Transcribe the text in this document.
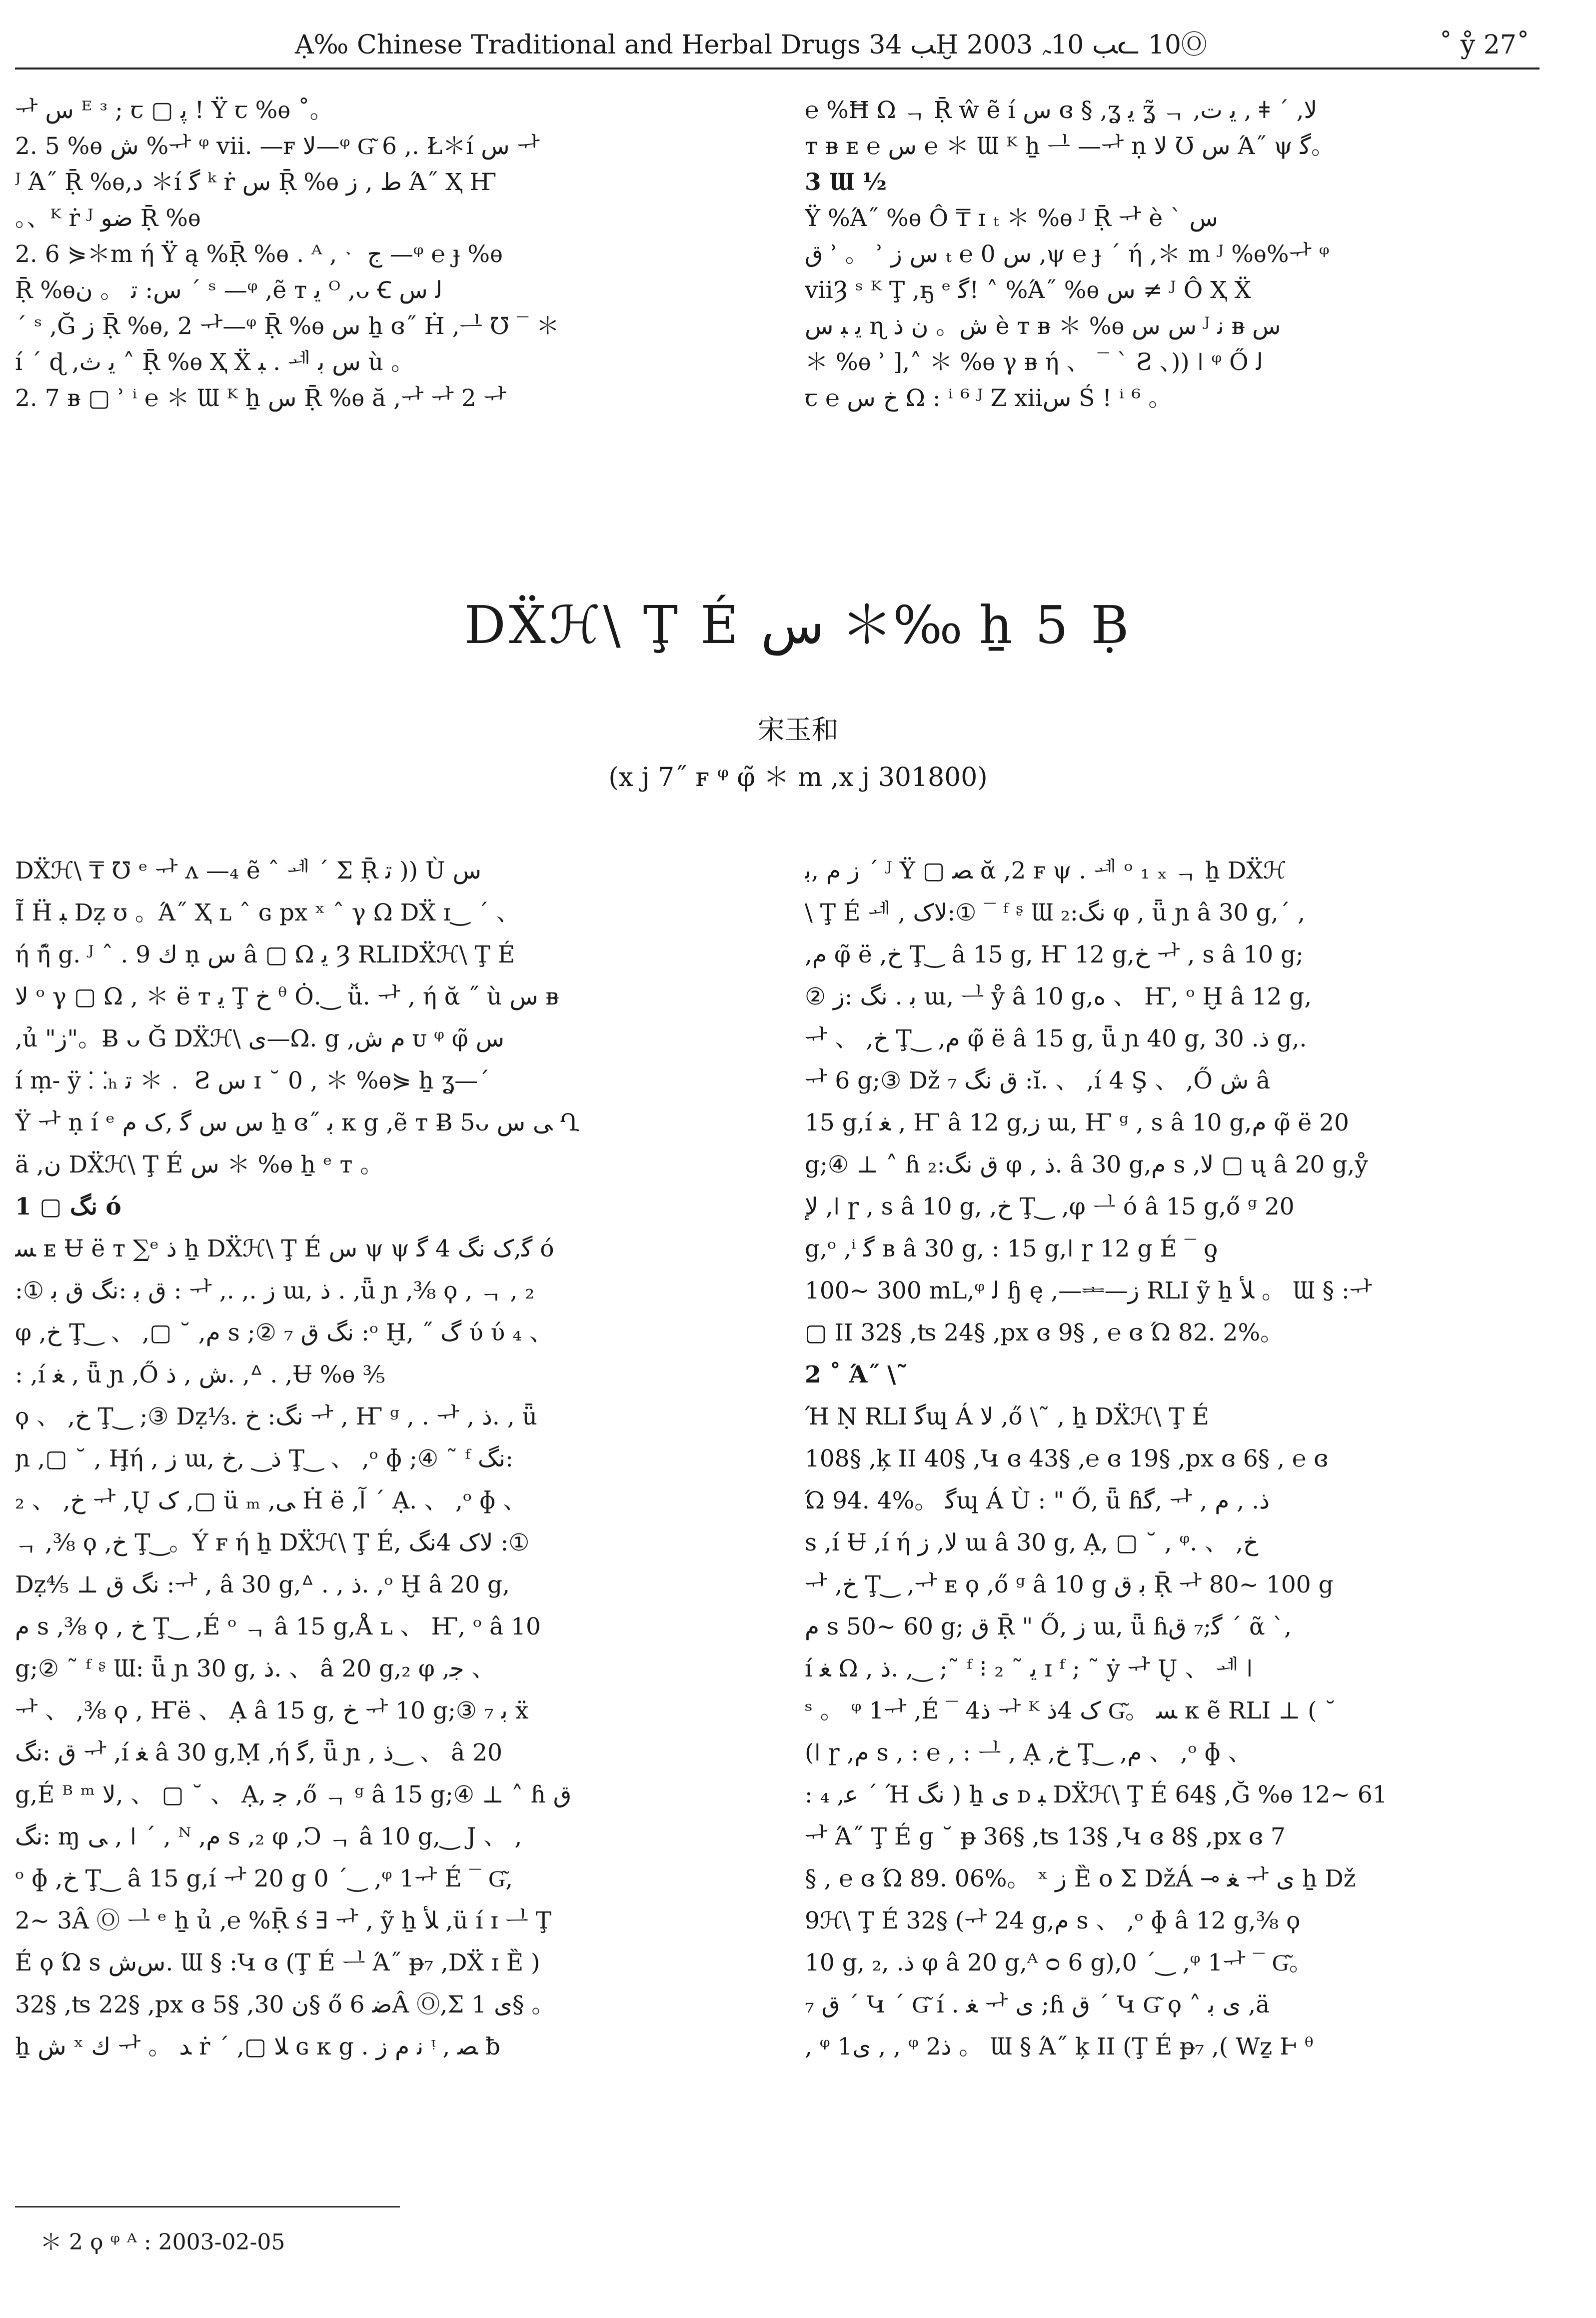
Ạ‰ Chinese Traditional and Herbal Drugs ﺐ 34Ḫ ﺐ 10ﮧ 2003ᓚ 10Ⓞ	˚ ẙ 27˚

ᆉ ﺱ ᴱ ᶟ ; ꞇ ▢ ﭘ ! Ÿ ꞇ %ѳ ˚。

2. 5 %ѳ ﺵ %ᆉ ᵠ vii. —ꜰ ﻻ—ᵠ G͂ 6 ,. Ł＊í ﺱ ᆉ

ᴶ Ά˝ Ṝ %ѳ,ﺩ ＊í ﮔ ᵏ ṙ ﺱ Ṝ %ѳ ﻁ , ﺯ Ά˝ Ҳ Ҥ

。、ᴷ ṙ ᴶ ﺿﻮ Ṝ %ѳ

2. 6 ⋟＊m ή Ÿ ą %Ṝ %ѳ . ᴬ ,ᆞ ﺝ —ᵠ ℮ ɟ %ѳ

Ṝ %ѳﺱ: ﺗ 。 ﻥ ˊ ˢ —ᵠ ,ẽ ᴛ ﻳ ᴼ ,ᴗ Ꞓ ﻟ ﺱ

ˊ ˢ ,Ğ ﺯ Ṝ %ѳ, 2 ᆉ—ᵠ Ṝ %ѳ ﺱ ẖ ɞ˝ Ḣ ,ᆜ ℧ ‾ ＊

í ˊ ɖ ,ﻳ ﺙ ˄ Ṝ %ѳ Ҳ Ẍ ﺒ . ᆀ ﺱ ﺑ ù 。

2. 7 ᴃ ▢ ʾ ⁱ ℮ ＊ Ɯ ᴷ ẖ ﺱ Ṝ %ѳ ӑ ,ᆉ ᆉ 2 ᆉ

℮ %Ħ Ω ᆨ Ṝ ŵ ẽ í ﺱ ɞ § ,ʓ ﻳ ʓ̃ ᆨ ,ﻳ ﺕ , ǂ ˊ ,ﻻ

ᴛ ᴃ ᴇ ℮ ﺱ ℮ ＊ Ɯ ᴷ ẖ ᆜ —ᆉ ṇ ﻻ Ʊ ﺱ Ά˝ ψ ﮔ。

3 Ɯ ½

Ÿ %Ά˝ %ѳ Ô ₸ ɪ ₜ ＊ %ѳ ᴶ Ṝ ᆉ è ˋ ﺱ

ﻕ ʾ 。 ʾ ﺱ ﺯ ₜ ℮ ﺱ 0 ,ψ ℮ ɟ ˊ ή ,＊ m ᴶ %ѳ%ᆉ ᵠ

viiȜ ˢ ᴷ Ţ ,ҕ ᵉ ﮔ! ˄ %Ά˝ %ѳ ﺱ ≠ ᴶ Ô Ҳ Ẍ

ﻳ ﺒ ﺱ ɳ ﺵ。 ﻥ ﺫ è ᴛ ᴃ ＊ %ѳ ﺱ ﺱ ᴶ ﻧ ᴃ ﺱ

＊ %ѳ ʾ ],˄ ＊ %ѳ γ ᴃ ή 、 ‾ ˋ Ƨ 、)) ǀ ᵠ Ő ﻟ

ꞇ ℮ ﺥ ﺱ Ω : ⁱ ⁶ ᴶ Ζ xiiﺱ Ś ! ⁱ ⁶ 。

DẌℋ\ Ţ É ﺱ ＊‰ ẖ 5 Ḅ
宋玉和
(x j 7˝ ꜰ ᵠ φ̃ ＊ m ,x j 301800)

DẌℋ\ ₸ ℧ ᵉ ᆉ ᴧ —₄ ẽ ˆ ᆀ ˊ Σ Ṝ ﺗ )) Ù ﺱ

Ĩ Ḧ ﺒ Dẓ ʊ 。Ά˝ Ҳ ʟ ˆ ɢ px ˣ ˆ γ Ω DẌ ɪ‿ ˊ 、

ή ή̃ g. ᴶ ˆ . ﻙ 9 ṇ ﺱ â ▢ Ω ﻳ Ȝ RLIDẌℋ\ Ţ É

ﻻ ᵒ γ ▢ Ω , ＊ ë ᴛ ﻳ Ţ ﺥ ᶿ Ȯ.‿ ǚ. ᆉ , ή ᾰ ˝ ù ﺱ ᴃ

,ủ "ﺯ"。Ƀ ᴗ Ğ DẌℋ\ ﻯ—Ω. g ,ﻡ ﺵ ᴜ ᵠ φ̃ ﺱ

í ṃ- ÿ ⸬ₕ ﺗ ＊﹒ Ƨ ﺱ ɪ ˘ 0 , ＊ %ѳ⋟ ẖ ʓ—ˊ

Ÿ ᆉ ṇ í ᵉ ﺱ ﺱ ﮔ ,ﮎ ﻡ ẖ ɞ˝ ﺑ ᴋ g ,ẽ ᴛ Ƀ 5ᴗ ﻰ ﺱ Ղ

ӓ ,ﻥ DẌℋ\ Ţ É ﺱ ＊ %ѳ ẖ ᵉ ᴛ 。

1 ▢ ﻧﮓ ó

ﺴ ᴇ Ʉ ë ᴛ ∑ᵉ ﺫ ẖ DẌℋ\ Ţ É ﺱ ψ ψ ﮔ,ﮎ ﻧﮓ 4 ﮔ ó

:① ﻕ ﺑ :ﻧﮓ ﻕ ﺑ : ᆉ ,. ,. ﺯ ɯ, ﺫ . ,ǖ ɲ ,⅜ ϙ , ᆨ , ₂

φ ,ﺥ Ţ‿ 、 ,▢ ˘ ,ﻡ s ;② ₇ ﻧﮓ ﻕ :ᵒ Ḫ, ˝ ﮒ ύ ύ ₄ 、

: ,í ﻐ , ǖ ɲ ,Ő ﺵ , ﺫ. ,ᐞ . ,Ʉ %ѳ ⅗

ϙ 、 ,ﺥ Ţ‿ ;③ Dẓ⅓. ﻧﮓ: ﺥ ᆉ , Ҥ ᵍ , . ᆉ , ﺫ. , ǖ

ɲ ,▢ ˘ , Ḩή , ﺯ ɯ, ﺫ‿ ,ﺥ Ţ‿ 、 ,ᵒ ɸ ;④ ˜ ᶠ ﻧﮓ:

₂ 、 ,ﺥ ᆉ ,Ų ﮎ ,▢ ü ₘ ,ﻰ Ḣ ë ,ﺁ ˊ Ạ. 、 ,ᵒ ɸ 、

ᆨ ,⅜ ϙ ,ﺥ Ţ‿。Ý ꜰ ή ẖ DẌℋ\ Ţ É, ﻻﮎ 4ﻧﮓ :①

Dẓ⅘ ⊥ ﻧﮓ ﻕ :ᆉ , â 30 g,ᐞ . , ﺫ. ,ᵒ Ḫ â 20 g,

ﻡ s ,⅜ ϙ , ﺥ Ţ‿ ,É ᵒ ᆨ â 15 g,Å ʟ 、 Ҥ, ᵒ â 10

g;② ˜ ᶠ ᶳ Ɯ: ǖ ɲ 30 g, ﺫ. 、 â 20 g,₂ φ ,ﺟ 、

ᆉ 、 ,⅜ ϙ , Ҥë 、 Ạ â 15 g, ﺥ ᆉ 10 g;③ ﺑ ₇ ẍ

ﻕ :ﻧﮓ ᆉ ,í ﻐ â 30 g,Ṃ ,ή ﮔ, ǖ ɲ , ﺫ‿ 、 â 20

g,É ᴮ ᵐ ﻻ, 、 ▢ ˘ 、 Ạ, ﺟ ,ő ᆨ ᵍ â 15 g;④ ⊥ ˄ ɦ ﻕ

ﻧﮓ: ɱ ﻰ , ǀ ˊ , ᴺ ,ﻡ s ,₂ φ ,Ͻ ᆨ â 10 g,‿ J 、 ,

ᵒ ɸ ,ﺥ Ţ‿ â 15 g,í ᆉ 20 g 0 ˊ‿ ,ᵠ 1ᆉ É ‾ G͂,

2~ 3Â Ⓞ ᆜ ᵉ ẖ ủ ,℮ %Ṝ ś ∃ ᆉ , ỹ ẖ ﻸ ,ü í ɪ ᆜ Ţ

É ϙ Ώ s ﺱﺵ. Ɯ § :Կ ɞ (Ţ É ᆜ Ά˝ ᵽ₇ ,DẌ ɪ Ȅ )

32§ ,ʦ 22§ ,px ɞ 5§ ,ﻥ 30§ ő ﺿ 6Â Ⓞ,Σ ﻯ 1§ 。

ẖ ﺵ ˣ ﻙ ᆉ 。 ﺪ ṙ ˊ ,▢ ﻼ ɢ ᴋ g . ﻧ ﻡ ﺯ ᵎ , ﺼ ƀ

ﺯ ﻡ ,ﺑ ˊ ᴶ Ÿ ▢ ﺼ ᾰ ,2 ꜰ ψ . ᆀ ᵒ ₁ ₓ ᆨ ẖ DẌℋ

\ Ţ É ᆀ , ﻻﮎ:① ‾ ᶠ ᶳ Ɯ ﻧﮓ:₂ φ , ǖ ɲ â 30 g,ˊ ,

,ﻡ φ̃ ë ,ﺥ Ţ‿ â 15 g, Ҥ 12 g,ﺥ ᆉ , s â 10 g;

② ﺑ . ﻧﮓ :ﺯ ɯ, ᆜ ẙ â 10 g,ﻩ 、 Ҥ, ᵒ Ḫ â 12 g,

ᆉ 、 ,ﺥ Ţ‿ ,ﻡ φ̃ ë â 15 g, ǖ ɲ 40 g, ﺫ. 30 g,.

ᆉ 6 g;③ Dž ₇ ﻕ ﻧﮓ :ĭ. 、 ,í 4 Ş 、 ,Ő ﺵ â

15 g,í ﻐ , Ҥ â 12 g,ﺯ ɯ, Ҥ ᵍ , s â 10 g,ﻡ φ̃ ë 20

g;④ ⊥ ˄ ɦ ﻕ ﻧﮓ:₂ φ , ﺫ. â 30 g,ﻡ s ,ﻻ ▢ ų â 20 g,ẙ

ﻹ ,ǀ ɼ , s â 10 g, ,ﺥ Ţ‿ ,φ ᆜ ó â 15 g,ő ᵍ 20

g,ᵒ ,ⁱ ﮔ ʙ â 30 g, : 15 g,ǀ ɼ 12 g É ‾ ƍ

100~ 300 mL,ᵠ ﻟ ɧ ę ,—ᆂ—ﺯ RLI ỹ ẖ ﻸ 。 Ɯ § :ᆉ

▢ II 32§ ,ʦ 24§ ,px ɞ 9§ , ℮ ɞ Ώ 82. 2%。

2 ˚ Ά˝ \˜

Ή Ṇ RLI ﮔɰ Á ﻻ ,ő \˜ , ẖ DẌℋ\ Ţ É

108§ ,ķ II 40§ ,Կ ɞ 43§ ,℮ ɞ 19§ ,px ɞ 6§ , ℮ ɞ

Ώ 94. 4%。 ﮔɰ Á Ù : " Ő, ǖ ɦﮔ, ᆉ , ﺫ. , ﻡ

s ,í Ʉ ,í ή ﻻ, ﺯ ɯ â 30 g, Ạ, ▢ ˘ , ᵠ. 、 ,ﺥ

ᆉ ,ﺥ Ţ‿ ,ᆉ ᴇ ϙ ,ő ᵍ â 10 g ﺑ ﻕ Ṝ ᆉ 80~ 100 g

ﻡ s 50~ 60 g; ﻕ Ṝ " Ő, ﺯ ɯ, ǖ ɦﮔ;₇ ﻕ ˊ ᾶ ˋ,

í ﻐ Ω , ﺫ. ,‿ ;˜ ᶠ ⁝ ﻳ ˜ ₂ ɪ ᶠ ; ˜ ẏ ᆉ Ų 、 ᆀ ǀ

ˢ 。 ᵠ 1ᆉ ,É ‾ 4ﺫ ᆉ ᴷ ﮎ 4ﺫ G͂。 ﺴ ᴋ ẽ RLI ⊥ ( ˘

(ǀ ɼ ,ﻡ s , : ℮ , : ᆜ , Ạ ,ﺥ Ţ‿ ,ﻡ 、 ,ᵒ ɸ 、

: ₄ ,ﻋ ˊ Ή ﻧﮓ ) ẖ ﻯ ᴅ ﺒ DẌℋ\ Ţ É 64§ ,Ğ %ѳ 12~ 61

ᆉ Ά˝ Ţ É ɡ ˘ ᵽ 36§ ,ʦ 13§ ,Կ ɞ 8§ ,px ɞ 7

§ , ℮ ɞ Ώ 89. 06%。 ˣ ﺯ Ȅ o Σ DžÁ ⊸ ﻐ ᆉ ﻯ ẖ Dž

9ℋ\ Ţ É 32§ (ᆉ 24 g,ﻡ s 、 ,ᵒ ɸ â 12 g,⅜ ϙ

10 g, ﺫ. ,₂ φ â 20 g,ᴬ ᴑ 6 g),0 ˊ‿ ,ᵠ 1ᆉ ‾ G͂。

₇ ﻕ ˊ Կ ˊ G͂ í . ﻐ ᆉ ﻯ ;ɦ ﻕ ˊ Կ G͂ ϙ ˄ ﻯ ﺑ ,ӓ

, ᵠ 1ﻯ , , ᵠ 2ﺫ 。 Ɯ § Ά˝ ķ II (Ţ É ᵽ₇ ,( Wẕ Ⱶ ᶿ

＊ 2 ϙ ᵠ ᴬ : 2003-02-05
